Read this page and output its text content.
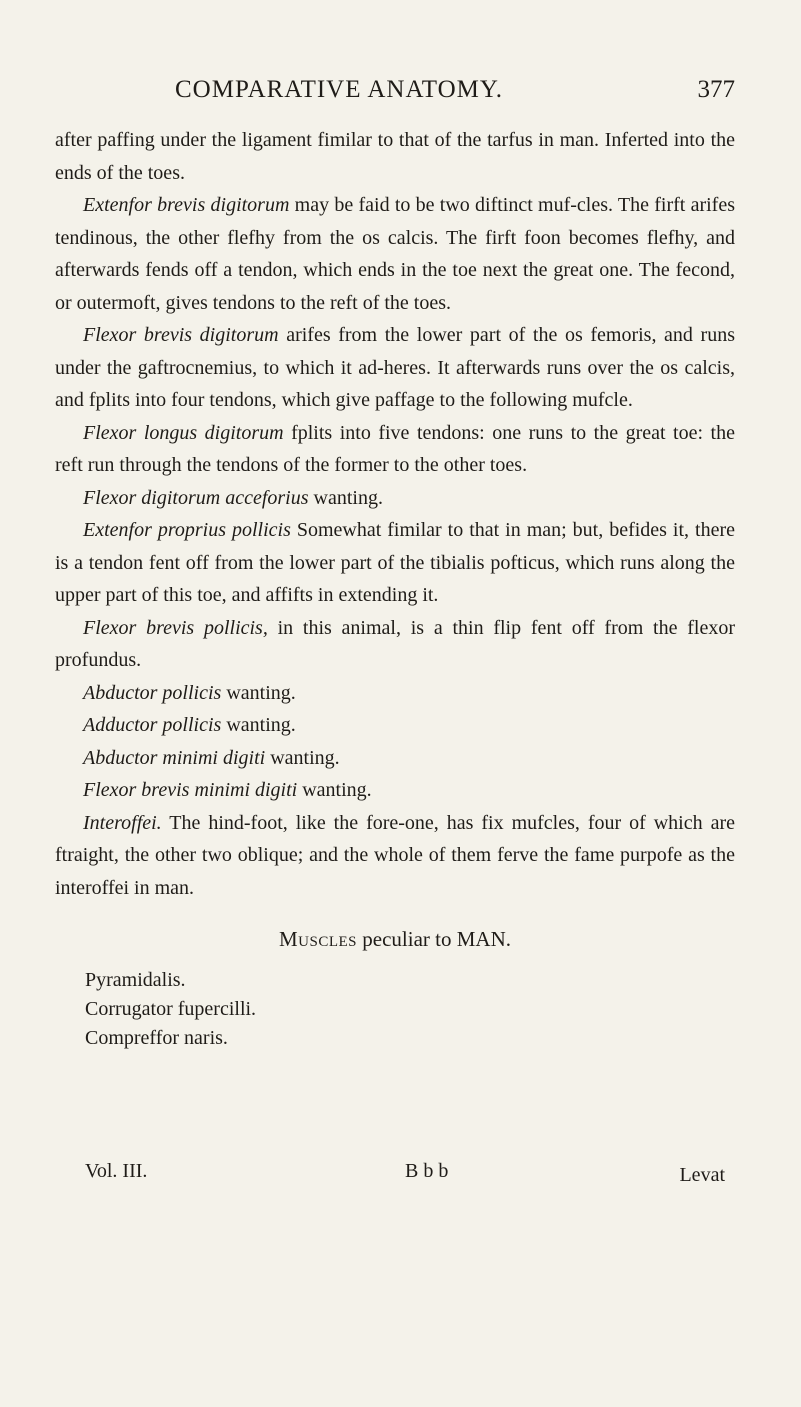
COMPARATIVE ANATOMY.	377

after paffing under the ligament fimilar to that of the tarfus in man. Inferted into the ends of the toes.

Extenfor brevis digitorum may be faid to be two diftinct muf-cles. The firft arifes tendinous, the other flefhy from the os calcis. The firft foon becomes flefhy, and afterwards fends off a tendon, which ends in the toe next the great one. The fecond, or outermoft, gives tendons to the reft of the toes.

Flexor brevis digitorum arifes from the lower part of the os femoris, and runs under the gaftrocnemius, to which it ad-heres. It afterwards runs over the os calcis, and fplits into four tendons, which give paffage to the following mufcle.

Flexor longus digitorum fplits into five tendons: one runs to the great toe: the reft run through the tendons of the former to the other toes.

Flexor digitorum acceforius wanting.

Extenfor proprius pollicis Somewhat fimilar to that in man; but, befides it, there is a tendon fent off from the lower part of the tibialis pofticus, which runs along the upper part of this toe, and affifts in extending it.

Flexor brevis pollicis, in this animal, is a thin flip fent off from the flexor profundus.

Abductor pollicis wanting.

Adductor pollicis wanting.

Abductor minimi digiti wanting.

Flexor brevis minimi digiti wanting.

Interoffei. The hind-foot, like the fore-one, has fix mufcles, four of which are ftraight, the other two oblique; and the whole of them ferve the fame purpofe as the interoffei in man.

Muscles peculiar to MAN.
Pyramidalis.
Corrugator fupercilli.
Compreffor naris.
Vol. III.	B b b	Levat
